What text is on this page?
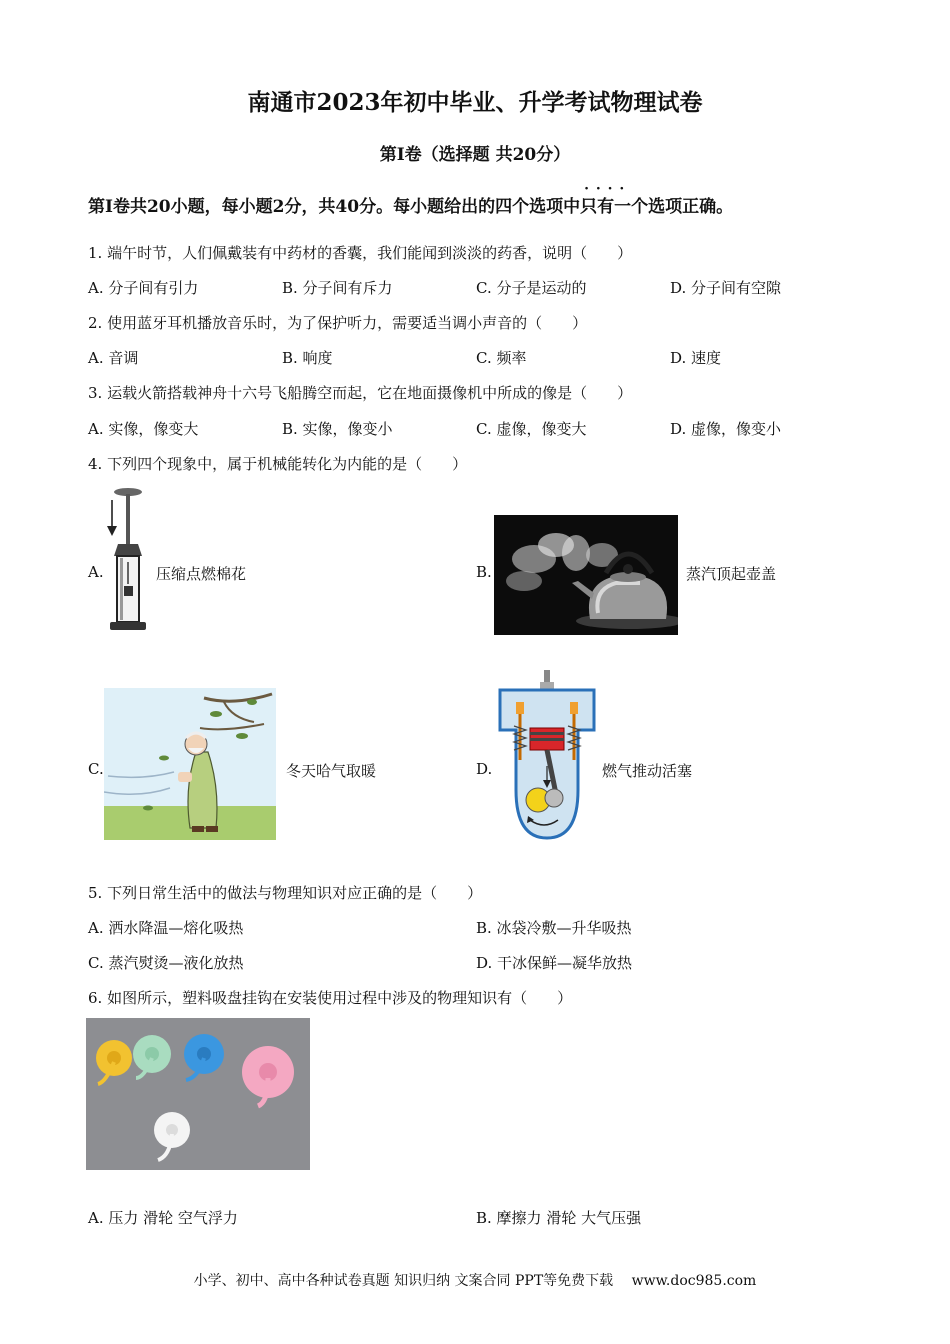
南通市2023年初中毕业、升学考试物理试卷
第Ⅰ卷（选择题 共20分）
第Ⅰ卷共20小题，每小题2分，共40分。每小题给出的四个选项中· · · · 只有一个选项正确。
1. 端午时节，人们佩戴装有中药材的香囊，我们能闻到淡淡的药香，说明（　　）
A. 分子间有引力	B. 分子间有斥力	C. 分子是运动的	D. 分子间有空隙
2. 使用蓝牙耳机播放音乐时，为了保护听力，需要适当调小声音的（　　）
A. 音调	B. 响度	C. 频率	D. 速度
3. 运载火箭搭载神舟十六号飞船腾空而起，它在地面摄像机中所成的像是（　　）
A. 实像，像变大	B. 实像，像变小	C. 虚像，像变大	D. 虚像，像变小
4. 下列四个现象中，属于机械能转化为内能的是（　　）
A.	压缩点燃棉花	B.	蒸汽顶起壶盖
C.	冬天哈气取暖	D.	燃气推动活塞
5. 下列日常生活中的做法与物理知识对应正确的是（　　）
A. 洒水降温—熔化吸热	B. 冰袋冷敷—升华吸热
C. 蒸汽熨烫—液化放热	D. 干冰保鲜—凝华放热
6. 如图所示，塑料吸盘挂钩在安装使用过程中涉及的物理知识有（　　）
A. 压力 滑轮 空气浮力	B. 摩擦力 滑轮 大气压强
小学、初中、高中各种试卷真题 知识归纳 文案合同 PPT等免费下载　 www.doc985.com
